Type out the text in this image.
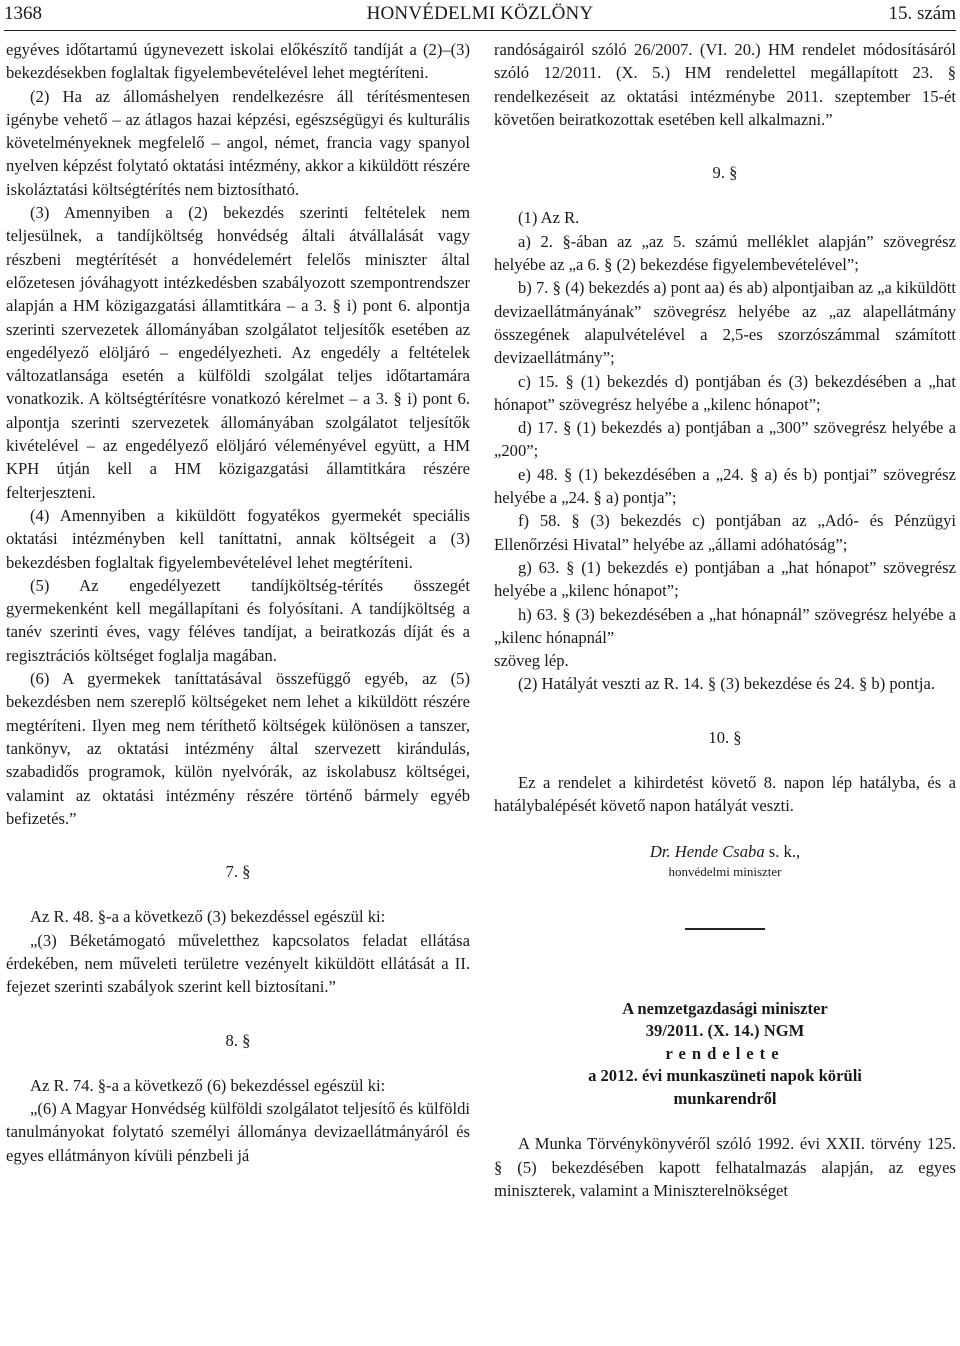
1368	HONVÉDELMI KÖZLÖNY	15. szám

egyéves időtartamú úgynevezett iskolai előkészítő tandíját a (2)–(3) bekezdésekben foglaltak figyelembevételével lehet megtéríteni.

(2) Ha az állomáshelyen rendelkezésre áll térítésmentesen igénybe vehető – az átlagos hazai képzési, egészségügyi és kulturális követelményeknek megfelelő – angol, német, francia vagy spanyol nyelven képzést folytató oktatási intézmény, akkor a kiküldött részére iskoláztatási költségtérítés nem biztosítható.

(3) Amennyiben a (2) bekezdés szerinti feltételek nem teljesülnek, a tandíjköltség honvédség általi átvállalását vagy részbeni megtérítését a honvédelemért felelős miniszter által előzetesen jóváhagyott intézkedésben szabályozott szempontrendszer alapján a HM közigazgatási államtitkára – a 3. § i) pont 6. alpontja szerinti szervezetek állományában szolgálatot teljesítők esetében az engedélyező elöljáró – engedélyezheti. Az engedély a feltételek változatlansága esetén a külföldi szolgálat teljes időtartamára vonatkozik. A költségtérítésre vonatkozó kérelmet – a 3. § i) pont 6. alpontja szerinti szervezetek állományában szolgálatot teljesítők kivételével – az engedélyező elöljáró véleményével együtt, a HM KPH útján kell a HM közigazgatási államtitkára részére felterjeszteni.

(4) Amennyiben a kiküldött fogyatékos gyermekét speciális oktatási intézményben kell taníttatni, annak költségeit a (3) bekezdésben foglaltak figyelembevételével lehet megtéríteni.

(5) Az engedélyezett tandíjköltség-térítés összegét gyermekenként kell megállapítani és folyósítani. A tandíjköltség a tanév szerinti éves, vagy féléves tandíjat, a beiratkozás díját és a regisztrációs költséget foglalja magában.

(6) A gyermekek taníttatásával összefüggő egyéb, az (5) bekezdésben nem szereplő költségeket nem lehet a kiküldött részére megtéríteni. Ilyen meg nem téríthető költségek különösen a tanszer, tankönyv, az oktatási intézmény által szervezett kirándulás, szabadidős programok, külön nyelvórák, az iskolabusz költségei, valamint az oktatási intézmény részére történő bármely egyéb befizetés.”

7. §

Az R. 48. §-a a következő (3) bekezdéssel egészül ki:

„(3) Béketámogató műveletthez kapcsolatos feladat ellátása érdekében, nem műveleti területre vezényelt kiküldött ellátását a II. fejezet szerinti szabályok szerint kell biztosítani.”

8. §

Az R. 74. §-a a következő (6) bekezdéssel egészül ki:

„(6) A Magyar Honvédség külföldi szolgálatot teljesítő és külföldi tanulmányokat folytató személyi állománya devizaellátmányáról és egyes ellátmányon kívüli pénzbeli já

randóságairól szóló 26/2007. (VI. 20.) HM rendelet módosításáról szóló 12/2011. (X. 5.) HM rendelettel megállapított 23. § rendelkezéseit az oktatási intézménybe 2011. szeptember 15-ét követően beiratkozottak esetében kell alkalmazni.”

9. §

(1) Az R.

a) 2. §-ában az „az 5. számú melléklet alapján” szövegrész helyébe az „a 6. § (2) bekezdése figyelembevételével”;

b) 7. § (4) bekezdés a) pont aa) és ab) alpontjaiban az „a kiküldött devizaellátmányának” szövegrész helyébe az „az alapellátmány összegének alapulvételével a 2,5-es szorzószámmal számított devizaellátmány”;

c) 15. § (1) bekezdés d) pontjában és (3) bekezdésében a „hat hónapot” szövegrész helyébe a „kilenc hónapot”;

d) 17. § (1) bekezdés a) pontjában a „300” szövegrész helyébe a „200”;

e) 48. § (1) bekezdésében a „24. § a) és b) pontjai” szövegrész helyébe a „24. § a) pontja”;

f) 58. § (3) bekezdés c) pontjában az „Adó- és Pénzügyi Ellenőrzési Hivatal” helyébe az „állami adóhatóság”;

g) 63. § (1) bekezdés e) pontjában a „hat hónapot” szövegrész helyébe a „kilenc hónapot”;

h) 63. § (3) bekezdésében a „hat hónapnál” szövegrész helyébe a „kilenc hónapnál”

szöveg lép.

(2) Hatályát veszti az R. 14. § (3) bekezdése és 24. § b) pontja.

10. §

Ez a rendelet a kihirdetést követő 8. napon lép hatályba, és a hatálybalépését követő napon hatályát veszti.

Dr. Hende Csaba s. k.,

honvédelmi miniszter

A nemzetgazdasági miniszter

39/2011. (X. 14.) NGM

rendelete

a 2012. évi munkaszüneti napok körüli

munkarendről

A Munka Törvénykönyvéről szóló 1992. évi XXII. törvény 125. § (5) bekezdésében kapott felhatalmazás alapján, az egyes miniszterek, valamint a Miniszterelnökséget
